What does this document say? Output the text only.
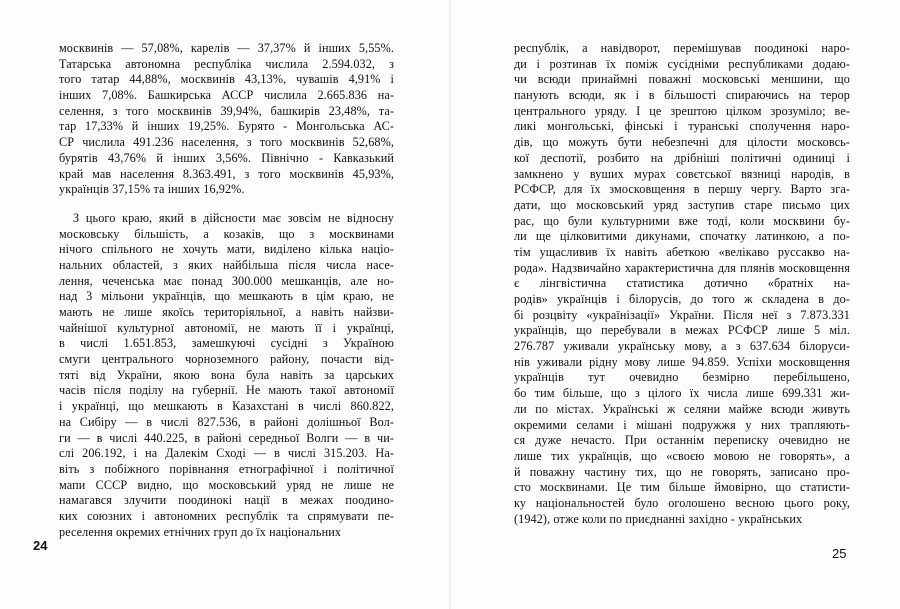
москвинів — 57,08%, карелів — 37,37% й інших 5,55%.
Татарська автономна республіка числила 2.594.032, з
того татар 44,88%, москвинів 43,13%, чувашів 4,91% і
інших 7,08%. Башкирська АССР числила 2.665.836 на-
селення, з того москвинів 39,94%, башкирів 23,48%, та-
тар 17,33% й інших 19,25%. Бурято - Монгольська АС-
СР числила 491.236 населення, з того москвинів 52,68%,
бурятів 43,76% й інших 3,56%. Північно - Кавказький
край мав населення 8.363.491, з того москвинів 45,93%,
українців 37,15% та інших 16,92%.
З цього краю, який в дійсности має зовсім не відносну
московську більшість, а козаків, що з москвинами
нічого спільного не хочуть мати, виділено кілька націо-
нальних областей, з яких найбільша після числа насе-
лення, чеченська має понад 300.000 мешканців, але но-
над 3 мільони українців, що мешкають в цім краю, не
мають не лише якоїсь територіяльної, а навіть найзви-
чайнішої культурної автономії, не мають її і українці,
в числі 1.651.853, замешкуючі сусідні з Україною
смуги центрального чорноземного району, почасти від-
тяті від України, якою вона була навіть за царських
часів після поділу на губернії. Не мають такої автономії
і українці, що мешкають в Казахстані в числі 860.822,
на Сибіру — в числі 827.536, в районі долішньої Вол-
ги — в числі 440.225, в районі середньої Волги — в чи-
слі 206.192, і на Далекім Сході — в числі 315.203. На-
віть з побіжного порівнання етнографічної і політичної
мапи СССР видно, що московський уряд не лише не
намагався злучити поодинокі нації в межах поодино-
ких союзних і автономних республік та спрямувати пе-
реселення окремих етнічних груп до їх національних
24
республік, а навідворот, перемішував поодинокі наро-
ди і розтинав їх поміж сусідніми республиками додаю-
чи всюди принаймні поважні московські меншини, що
панують всюди, як і в більшості спираючись на терор
центрального уряду. І це зрештою цілком зрозуміло; ве-
ликі монгольські, фінські і туранські сполучення наро-
дів, що можуть бути небезпечні для цілости московсь-
кої деспотії, розбито на дрібніші політичні одиниці і
замкнено у вуших мурах совєтської вязниці народів, в
РСФСР, для їх змосковщення в першу чергу. Варто зга-
дати, що московський уряд заступив старе письмо цих
рас, що були культурними вже тоді, коли москвини бу-
ли ще цілковитими дикунами, спочатку латинкою, а по-
тім ущасливив їх навіть абеткою «велікаво руссакво на-
рода». Надзвичайно характеристична для плянів московщення
є лінгвістична статистика дотично «братніх на-
родів» українців і білорусів, до того ж складена в до-
бі розцвіту «українізації» України. Після неї з 7.873.331
українців, що перебували в межах РСФСР лише 5 міл.
276.787 уживали українську мову, а з 637.634 білоруси-
нів уживали рідну мову лише 94.859. Успіхи московщення
українців тут очевидно безмірно перебільшено,
бо тим більше, що з цілого їх числа лише 699.331 жи-
ли по містах. Українські ж селяни майже всюди живуть
окремими селами і мішані подружжя у них трапляють-
ся дуже нечасто. При останнім переписку очевидно не
лише тих українців, що «своєю мовою не говорять», а
й поважну частину тих, що не говорять, записано про-
сто москвинами. Це тим більше ймовірно, що статисти-
ку національностей було оголошено весною цього року,
(1942), отже коли по приєднанні західно - українських
25
